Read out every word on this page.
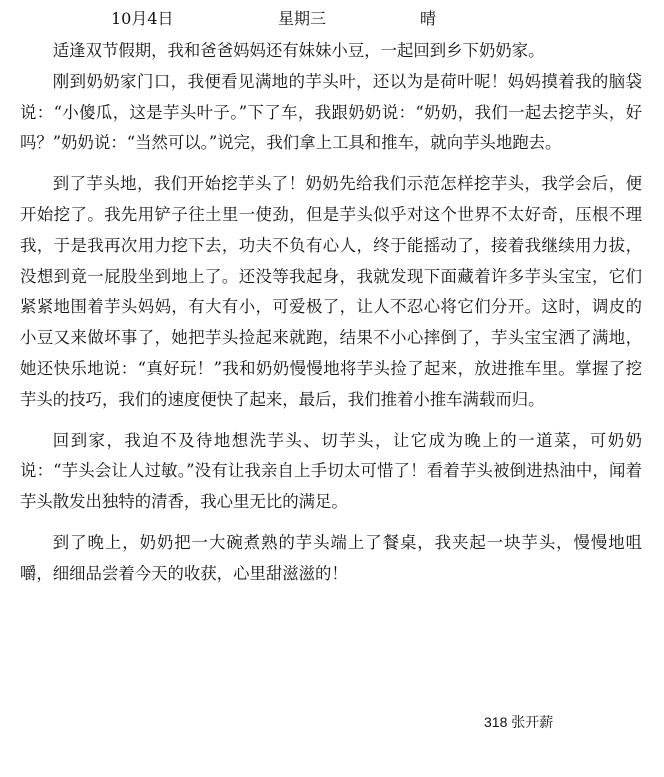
10月4日	星期三	晴

适逢双节假期，我和爸爸妈妈还有妹妹小豆，一起回到乡下奶奶家。

刚到奶奶家门口，我便看见满地的芋头叶，还以为是荷叶呢！妈妈摸着我的脑袋说：“小傻瓜，这是芋头叶子。”下了车，我跟奶奶说：“奶奶，我们一起去挖芋头，好吗？”奶奶说：“当然可以。”说完，我们拿上工具和推车，就向芋头地跑去。

到了芋头地，我们开始挖芋头了！奶奶先给我们示范怎样挖芋头，我学会后，便开始挖了。我先用铲子往土里一使劲，但是芋头似乎对这个世界不太好奇，压根不理我，于是我再次用力挖下去，功夫不负有心人，终于能摇动了，接着我继续用力拔，没想到竟一屁股坐到地上了。还没等我起身，我就发现下面藏着许多芋头宝宝，它们紧紧地围着芋头妈妈，有大有小，可爱极了，让人不忍心将它们分开。这时，调皮的小豆又来做坏事了，她把芋头捡起来就跑，结果不小心摔倒了，芋头宝宝洒了满地，她还快乐地说：“真好玩！”我和奶奶慢慢地将芋头捡了起来，放进推车里。掌握了挖芋头的技巧，我们的速度便快了起来，最后，我们推着小推车满载而归。

回到家，我迫不及待地想洗芋头、切芋头，让它成为晚上的一道菜，可奶奶说：“芋头会让人过敏。”没有让我亲自上手切太可惜了！看着芋头被倒进热油中，闻着芋头散发出独特的清香，我心里无比的满足。

到了晚上，奶奶把一大碗煮熟的芋头端上了餐桌，我夹起一块芋头，慢慢地咀嚼，细细品尝着今天的收获，心里甜滋滋的！

318 张开薪
